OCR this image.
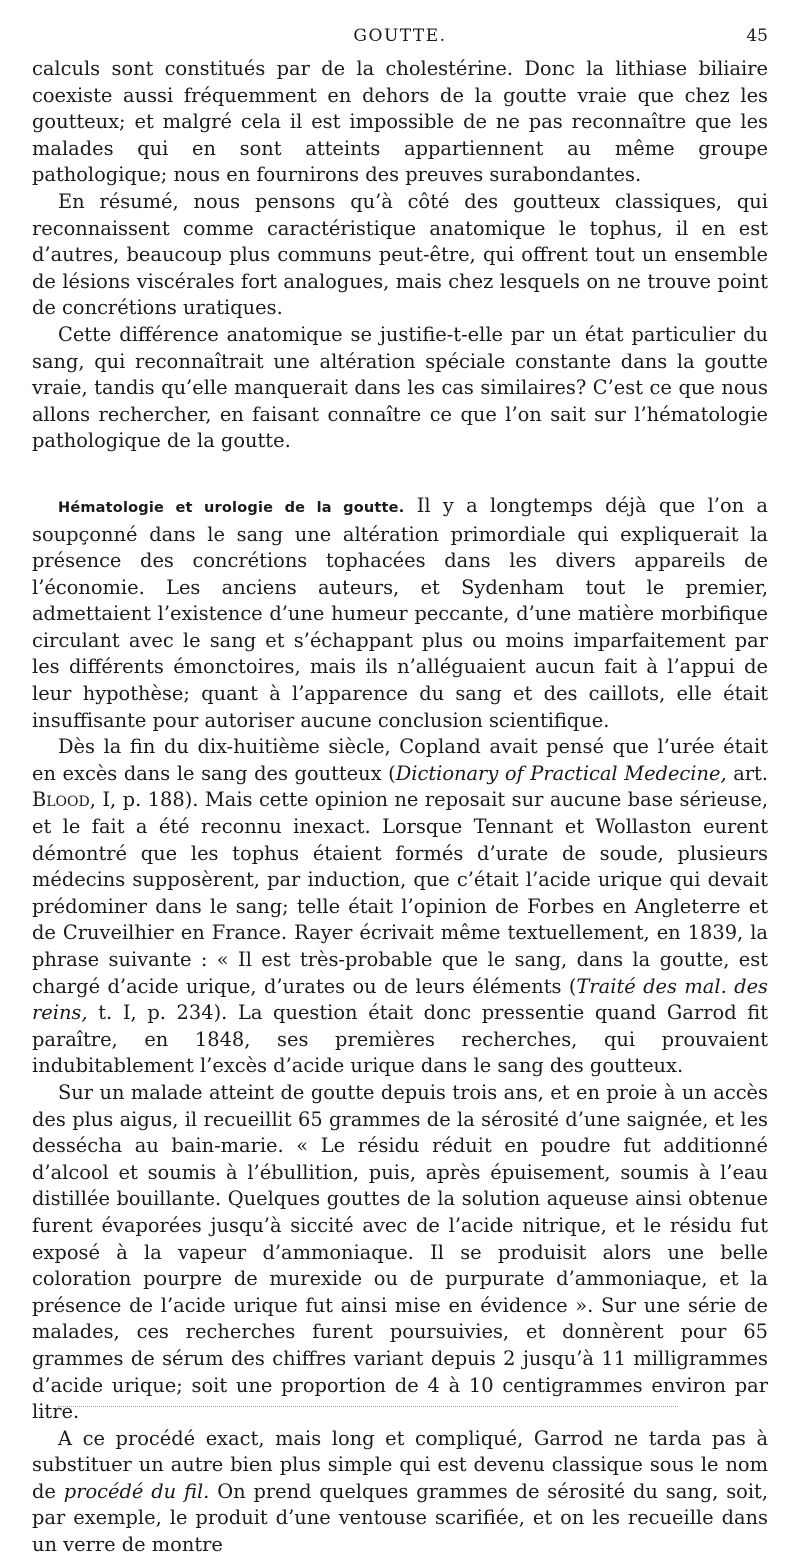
GOUTTE.	45

calculs sont constitués par de la cholestérine. Donc la lithiase biliaire coexiste aussi fréquemment en dehors de la goutte vraie que chez les goutteux; et malgré cela il est impossible de ne pas reconnaître que les malades qui en sont atteints appartiennent au même groupe pathologique; nous en fournirons des preuves surabondantes.

En résumé, nous pensons qu’à côté des goutteux classiques, qui reconnaissent comme caractéristique anatomique le tophus, il en est d’autres, beaucoup plus communs peut-être, qui offrent tout un ensemble de lésions viscérales fort analogues, mais chez lesquels on ne trouve point de concrétions uratiques.

Cette différence anatomique se justifie-t-elle par un état particulier du sang, qui reconnaîtrait une altération spéciale constante dans la goutte vraie, tandis qu’elle manquerait dans les cas similaires? C’est ce que nous allons rechercher, en faisant connaître ce que l’on sait sur l’hématologie pathologique de la goutte.

Hématologie et urologie de la goutte. Il y a longtemps déjà que l’on a soupçonné dans le sang une altération primordiale qui expliquerait la présence des concrétions tophacées dans les divers appareils de l’économie. Les anciens auteurs, et Sydenham tout le premier, admettaient l’existence d’une humeur peccante, d’une matière morbifique circulant avec le sang et s’échappant plus ou moins imparfaitement par les différents émonctoires, mais ils n’alléguaient aucun fait à l’appui de leur hypothèse; quant à l’apparence du sang et des caillots, elle était insuffisante pour autoriser aucune conclusion scientifique.

Dès la fin du dix-huitième siècle, Copland avait pensé que l’urée était en excès dans le sang des goutteux (Dictionary of Practical Medecine, art. Blood, I, p. 188). Mais cette opinion ne reposait sur aucune base sérieuse, et le fait a été reconnu inexact. Lorsque Tennant et Wollaston eurent démontré que les tophus étaient formés d’urate de soude, plusieurs médecins supposèrent, par induction, que c’était l’acide urique qui devait prédominer dans le sang; telle était l’opinion de Forbes en Angleterre et de Cruveilhier en France. Rayer écrivait même textuellement, en 1839, la phrase suivante : « Il est très-probable que le sang, dans la goutte, est chargé d’acide urique, d’urates ou de leurs éléments (Traité des mal. des reins, t. I, p. 234). La question était donc pressentie quand Garrod fit paraître, en 1848, ses premières recherches, qui prouvaient indubitablement l’excès d’acide urique dans le sang des goutteux.

Sur un malade atteint de goutte depuis trois ans, et en proie à un accès des plus aigus, il recueillit 65 grammes de la sérosité d’une saignée, et les dessécha au bain-marie. « Le résidu réduit en poudre fut additionné d’alcool et soumis à l’ébullition, puis, après épuisement, soumis à l’eau distillée bouillante. Quelques gouttes de la solution aqueuse ainsi obtenue furent évaporées jusqu’à siccité avec de l’acide nitrique, et le résidu fut exposé à la vapeur d’ammoniaque. Il se produisit alors une belle coloration pourpre de murexide ou de purpurate d’ammoniaque, et la présence de l’acide urique fut ainsi mise en évidence ». Sur une série de malades, ces recherches furent poursuivies, et donnèrent pour 65 grammes de sérum des chiffres variant depuis 2 jusqu’à 11 milligrammes d’acide urique; soit une proportion de 4 à 10 centigrammes environ par litre.

A ce procédé exact, mais long et compliqué, Garrod ne tarda pas à substituer un autre bien plus simple qui est devenu classique sous le nom de procédé du fil. On prend quelques grammes de sérosité du sang, soit, par exemple, le produit d’une ventouse scarifiée, et on les recueille dans un verre de montre
